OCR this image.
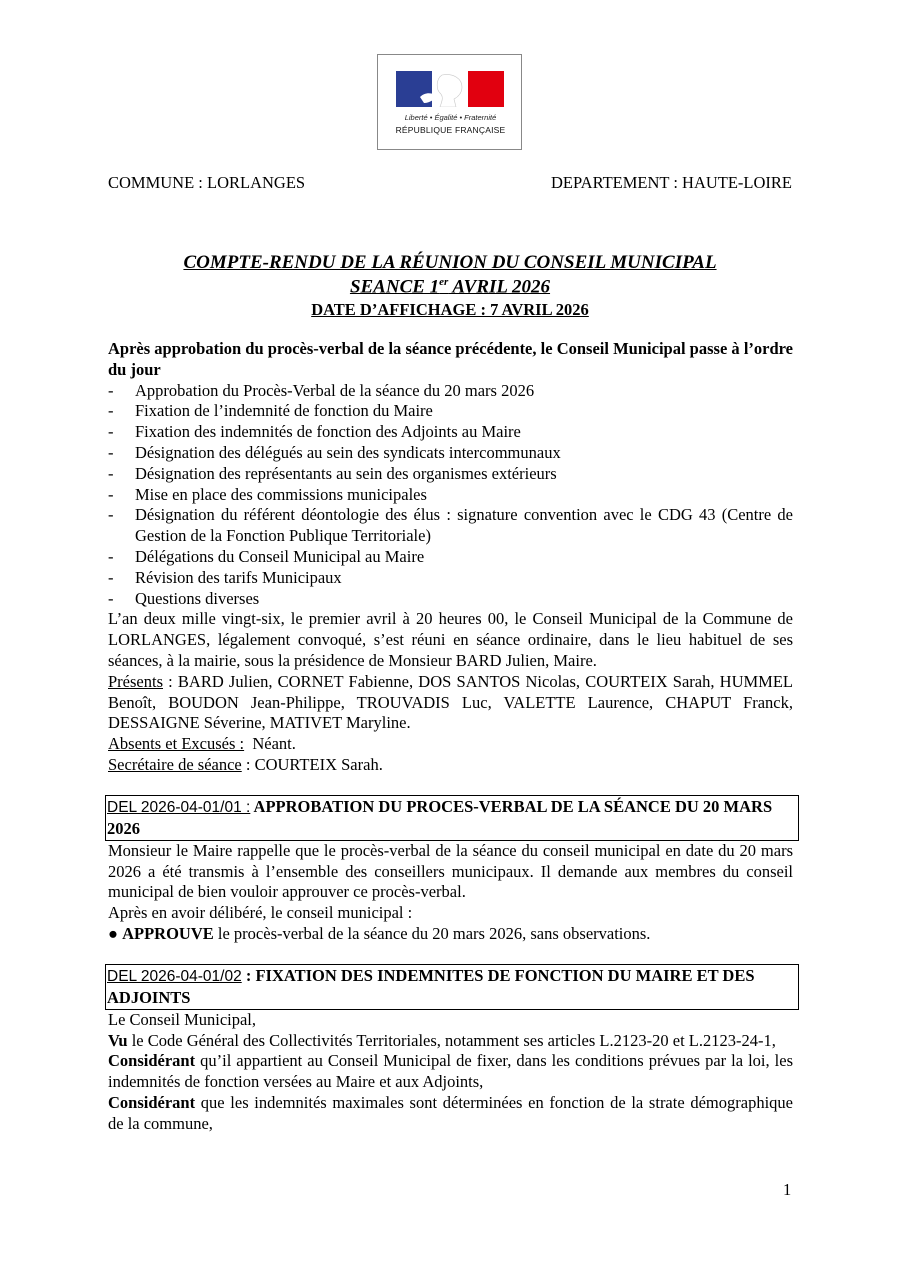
Liberté • Égalité • Fraternité
RÉPUBLIQUE FRANÇAISE
COMMUNE : LORLANGES	DEPARTEMENT : HAUTE-LOIRE
COMPTE-RENDU DE LA RÉUNION DU CONSEIL MUNICIPAL
SEANCE 1er AVRIL 2026
DATE D’AFFICHAGE : 7 AVRIL 2026

Après approbation du procès-verbal de la séance précédente, le Conseil Municipal passe à l’ordre du jour

- Approbation du Procès-Verbal de la séance du 20 mars 2026
- Fixation de l’indemnité de fonction du Maire
- Fixation des indemnités de fonction des Adjoints au Maire
- Désignation des délégués au sein des syndicats intercommunaux
- Désignation des représentants au sein des organismes extérieurs
- Mise en place des commissions municipales
- Désignation du référent déontologie des élus : signature convention avec le CDG 43 (Centre de Gestion de la Fonction Publique Territoriale)
- Délégations du Conseil Municipal au Maire
- Révision des tarifs Municipaux
- Questions diverses

L’an deux mille vingt-six, le premier avril à 20 heures 00, le Conseil Municipal de la Commune de LORLANGES, légalement convoqué, s’est réuni en séance ordinaire, dans le lieu habituel de ses séances, à la mairie, sous la présidence de Monsieur BARD Julien, Maire.

Présents : BARD Julien, CORNET Fabienne, DOS SANTOS Nicolas, COURTEIX Sarah, HUMMEL Benoît, BOUDON Jean-Philippe, TROUVADIS Luc, VALETTE Laurence, CHAPUT Franck, DESSAIGNE Séverine, MATIVET Maryline.

Absents et Excusés :  Néant.

Secrétaire de séance : COURTEIX Sarah.

DEL 2026-04-01/01 : APPROBATION DU PROCES-VERBAL DE LA SÉANCE DU 20 MARS 2026

Monsieur le Maire rappelle que le procès-verbal de la séance du conseil municipal en date du 20 mars 2026 a été transmis à l’ensemble des conseillers municipaux. Il demande aux membres du conseil municipal de bien vouloir approuver ce procès-verbal.

Après en avoir délibéré, le conseil municipal :

● APPROUVE le procès-verbal de la séance du 20 mars 2026, sans observations.

DEL 2026-04-01/02 : FIXATION DES INDEMNITES DE FONCTION DU MAIRE ET DES ADJOINTS

Le Conseil Municipal,

Vu le Code Général des Collectivités Territoriales, notamment ses articles L.2123-20 et L.2123-24-1,

Considérant qu’il appartient au Conseil Municipal de fixer, dans les conditions prévues par la loi, les indemnités de fonction versées au Maire et aux Adjoints,

Considérant que les indemnités maximales sont déterminées en fonction de la strate démographique de la commune,

1
